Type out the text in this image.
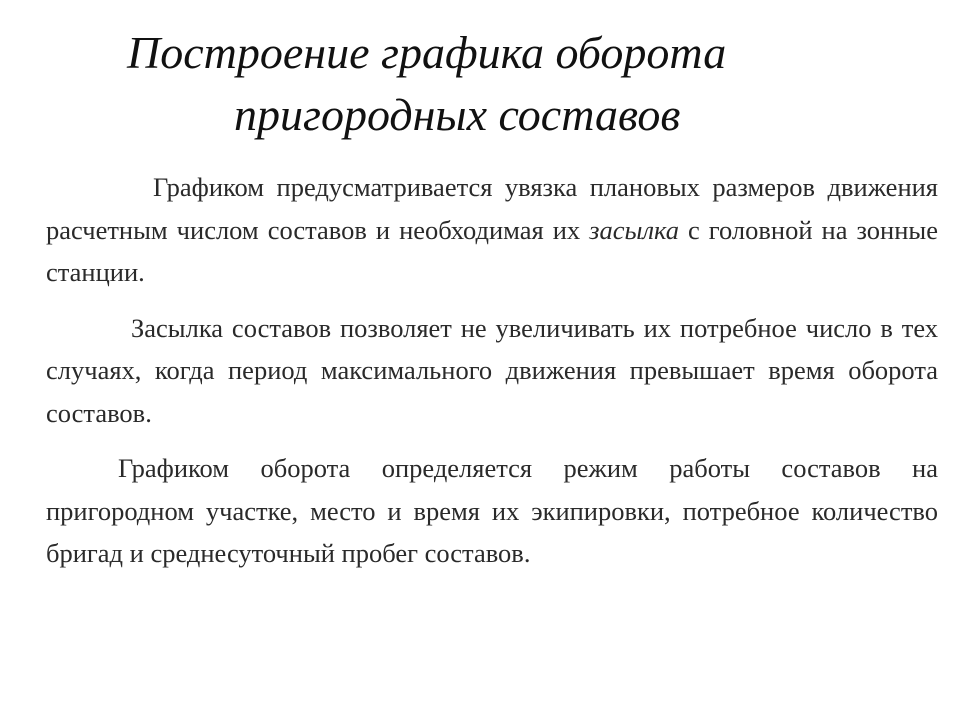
Построение графика оборота
пригородных составов

Графиком предусматривается увязка плановых размеров движения расчетным числом составов и необходимая их засылка с головной на зонные станции.

Засылка составов позволяет не увеличивать их потребное число в тех случаях, когда период максимального движения превышает время оборота составов.

Графиком оборота определяется режим работы составов на пригородном участке, место и время их экипировки, потребное количество бригад и среднесуточный пробег составов.
